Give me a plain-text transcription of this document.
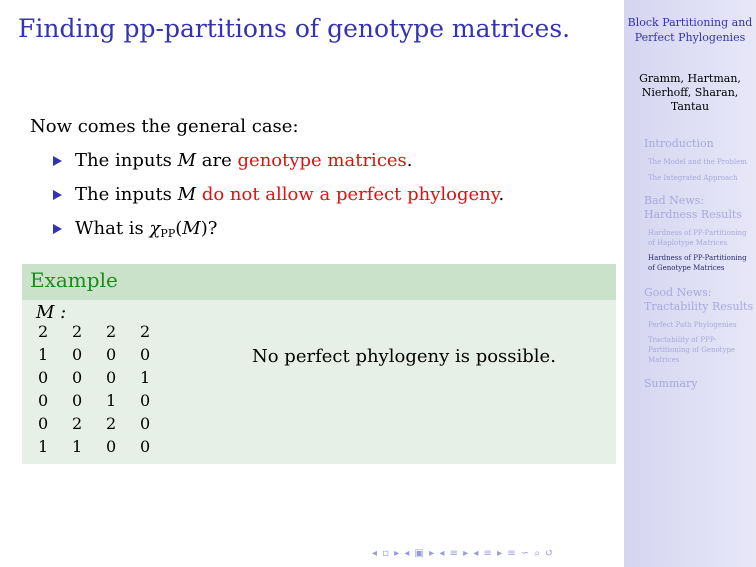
Finding pp-partitions of genotype matrices.
Now comes the general case:
The inputs M are genotype matrices.
The inputs M do not allow a perfect phylogeny.
What is $\chi_{PP}(M)$?
Example
M :
2	2	2	2
1	0	0	0
0	0	0	1
0	0	1	0
0	2	2	0
1	1	0	0
No perfect phylogeny is possible.
◂ ▫ ▸ ◂ ▣ ▸ ◂ ≡ ▸ ◂ ≡ ▸ ≡ ∽ ⌕ ↺
Block Partitioning and Perfect Phylogenies
Gramm, Hartman, Nierhoff, Sharan, Tantau
Introduction
The Model and the Problem
The Integrated Approach
Bad News: Hardness Results
Hardness of PP-Partitioning of Haplotype Matrices
Hardness of PP-Partitioning of Genotype Matrices
Good News: Tractability Results
Perfect Path Phylogenies
Tractability of PPP-Partitioning of Genotype Matrices
Summary
